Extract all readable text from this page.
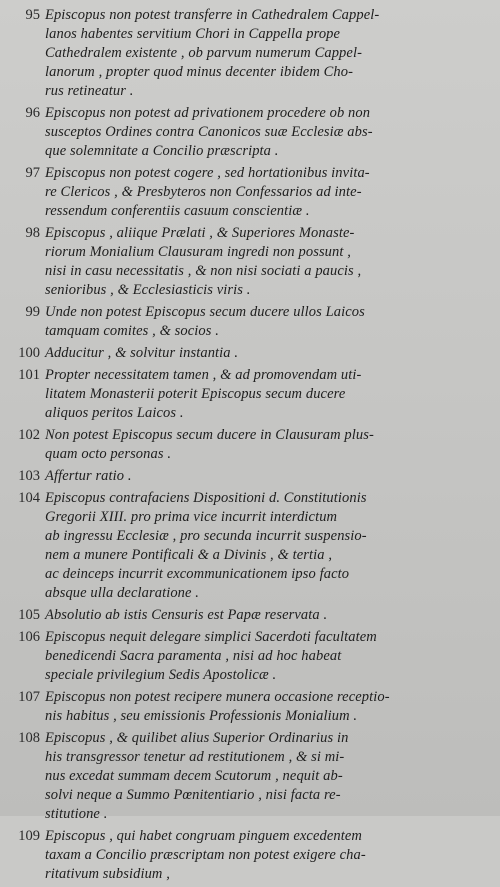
95 Episcopus non potest transferre in Cathedralem Cappel-
lanos habentes servitium Chori in Cappella prope
Cathedralem existente , ob parvum numerum Cappel-
lanorum , propter quod minus decenter ibidem Cho-
rus retineatur .
96 Episcopus non potest ad privationem procedere ob non
susceptos Ordines contra Canonicos suæ Ecclesiæ abs-
que solemnitate a Concilio præscripta .
97 Episcopus non potest cogere , sed hortationibus invita-
re Clericos , & Presbyteros non Confessarios ad inte-
ressendum conferentiis casuum conscientiæ .
98 Episcopus , aliique Prælati , & Superiores Monaste-
riorum Monialium Clausuram ingredi non possunt ,
nisi in casu necessitatis , & non nisi sociati a paucis ,
senioribus , & Ecclesiasticis viris .
99 Unde non potest Episcopus secum ducere ullos Laicos
tamquam comites , & socios .
100 Adducitur , & solvitur instantia .
101 Propter necessitatem tamen , & ad promovendam uti-
litatem Monasterii poterit Episcopus secum ducere
aliquos peritos Laicos .
102 Non potest Episcopus secum ducere in Clausuram plus-
quam octo personas .
103 Affertur ratio .
104 Episcopus contrafaciens Dispositioni d. Constitutionis
Gregorii XIII. pro prima vice incurrit interdictum
ab ingressu Ecclesiæ , pro secunda incurrit suspensio-
nem a munere Pontificali & a Divinis , & tertia ,
ac deinceps incurrit excommunicationem ipso facto
absque ulla declaratione .
105 Absolutio ab istis Censuris est Papæ reservata .
106 Episcopus nequit delegare simplici Sacerdoti facultatem
benedicendi Sacra paramenta , nisi ad hoc habeat
speciale privilegium Sedis Apostolicæ .
107 Episcopus non potest recipere munera occasione receptio-
nis habitus , seu emissionis Professionis Monialium .
108 Episcopus , & quilibet alius Superior Ordinarius in
his transgressor tenetur ad restitutionem , & si mi-
nus excedat summam decem Scutorum , nequit ab-
solvi neque a Summo Pœnitentiario , nisi facta re-
stitutione .
109 Episcopus , qui habet congruam pinguem excedentem
taxam a Concilio præscriptam non potest exigere cha-
ritativum subsidium ,
